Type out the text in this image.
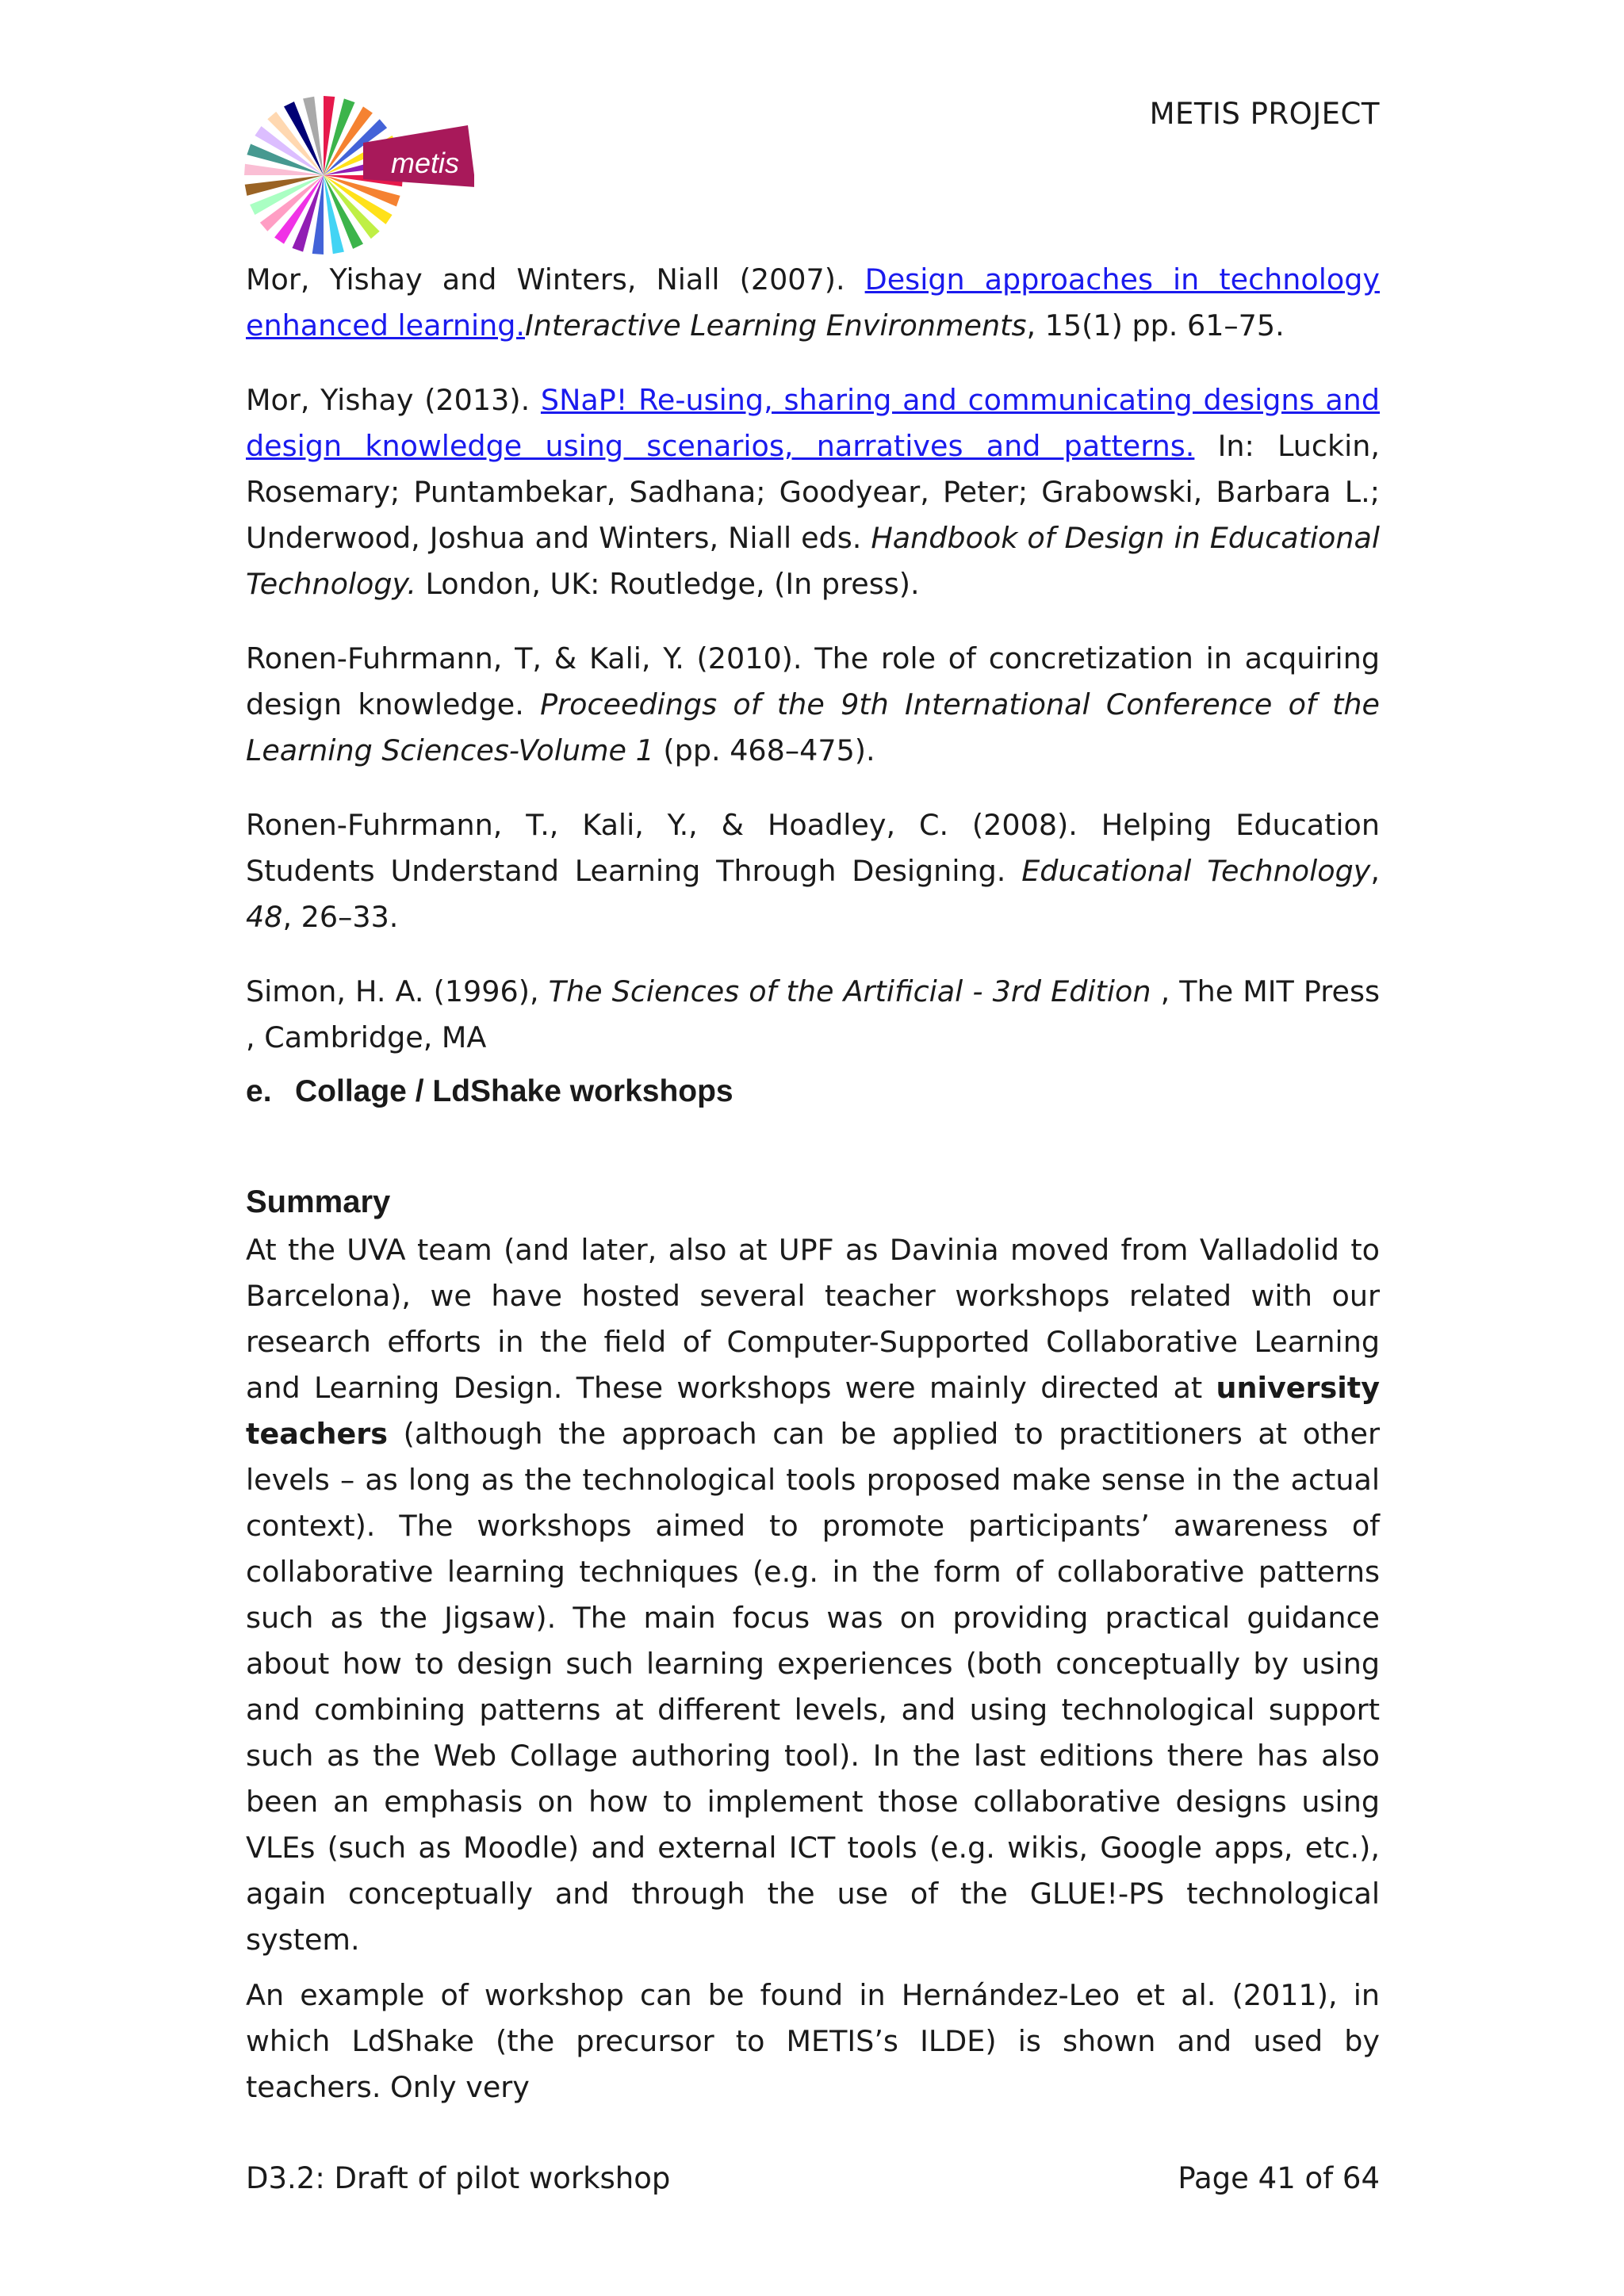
metis
METIS PROJECT

Mor, Yishay and Winters, Niall (2007). Design approaches in technology enhanced learning.Interactive Learning Environments, 15(1) pp. 61–75.

Mor, Yishay (2013). SNaP! Re-using, sharing and communicating designs and design knowledge using scenarios, narratives and patterns. In: Luckin, Rosemary; Puntambekar, Sadhana; Goodyear, Peter; Grabowski, Barbara L.; Underwood, Joshua and Winters, Niall eds. Handbook of Design in Educational Technology. London, UK: Routledge, (In press).

Ronen-Fuhrmann, T, & Kali, Y. (2010). The role of concretization in acquiring design knowledge. Proceedings of the 9th International Conference of the Learning Sciences-Volume 1 (pp. 468–475).

Ronen-Fuhrmann, T., Kali, Y., & Hoadley, C. (2008). Helping Education Students Understand Learning Through Designing. Educational Technology, 48, 26–33.

Simon, H. A. (1996), The Sciences of the Artificial - 3rd Edition , The MIT Press , Cambridge, MA

e. Collage / LdShake workshops
Summary

At the UVA team (and later, also at UPF as Davinia moved from Valladolid to Barcelona), we have hosted several teacher workshops related with our research efforts in the field of Computer-Supported Collaborative Learning and Learning Design. These workshops were mainly directed at university teachers (although the approach can be applied to practitioners at other levels – as long as the technological tools proposed make sense in the actual context). The workshops aimed to promote participants’ awareness of collaborative learning techniques (e.g. in the form of collaborative patterns such as the Jigsaw). The main focus was on providing practical guidance about how to design such learning experiences (both conceptually by using and combining patterns at different levels, and using technological support such as the Web Collage authoring tool). In the last editions there has also been an emphasis on how to implement those collaborative designs using VLEs (such as Moodle) and external ICT tools (e.g. wikis, Google apps, etc.), again conceptually and through the use of the GLUE!-PS technological system.

An example of workshop can be found in Hernández-Leo et al. (2011), in which LdShake (the precursor to METIS’s ILDE) is shown and used by teachers. Only very

D3.2: Draft of pilot workshop	Page 41 of 64
